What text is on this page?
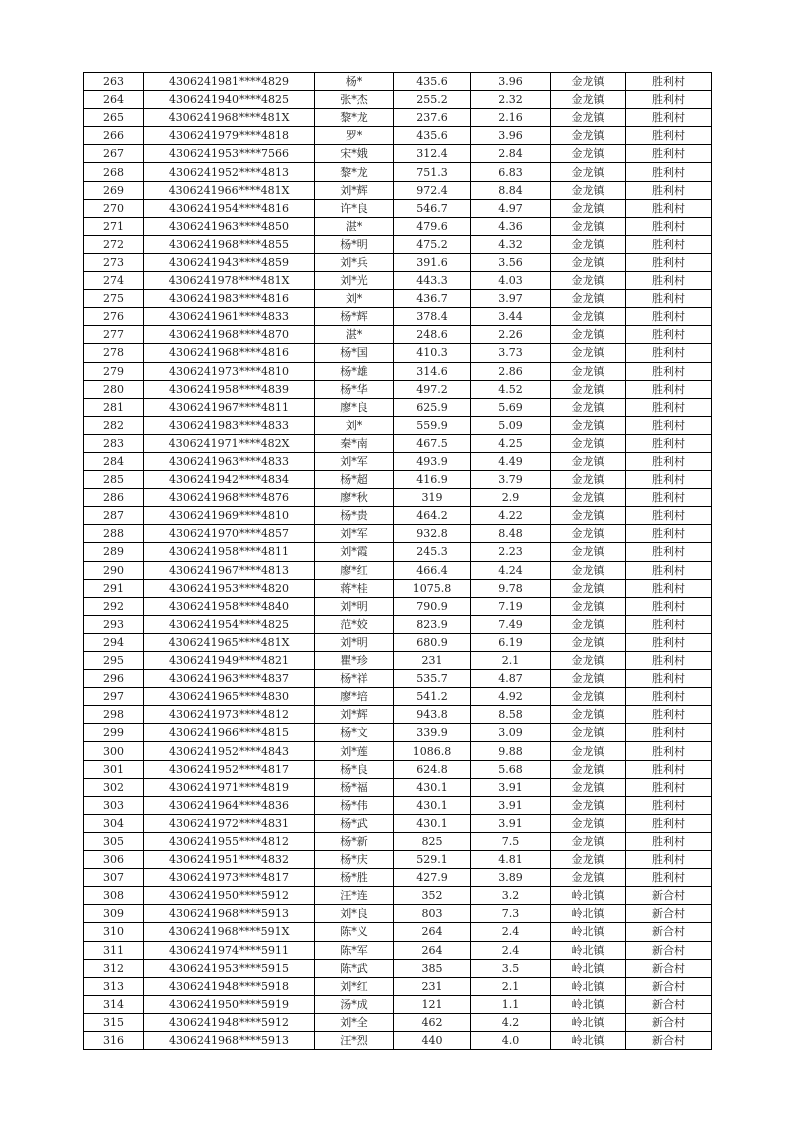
263	4306241981****4829	杨*	435.6	3.96	金龙镇	胜利村
264	4306241940****4825	张*杰	255.2	2.32	金龙镇	胜利村
265	4306241968****481X	黎*龙	237.6	2.16	金龙镇	胜利村
266	4306241979****4818	罗*	435.6	3.96	金龙镇	胜利村
267	4306241953****7566	宋*娥	312.4	2.84	金龙镇	胜利村
268	4306241952****4813	黎*龙	751.3	6.83	金龙镇	胜利村
269	4306241966****481X	刘*辉	972.4	8.84	金龙镇	胜利村
270	4306241954****4816	许*良	546.7	4.97	金龙镇	胜利村
271	4306241963****4850	湛*	479.6	4.36	金龙镇	胜利村
272	4306241968****4855	杨*明	475.2	4.32	金龙镇	胜利村
273	4306241943****4859	刘*兵	391.6	3.56	金龙镇	胜利村
274	4306241978****481X	刘*光	443.3	4.03	金龙镇	胜利村
275	4306241983****4816	刘*	436.7	3.97	金龙镇	胜利村
276	4306241961****4833	杨*辉	378.4	3.44	金龙镇	胜利村
277	4306241968****4870	湛*	248.6	2.26	金龙镇	胜利村
278	4306241968****4816	杨*国	410.3	3.73	金龙镇	胜利村
279	4306241973****4810	杨*雄	314.6	2.86	金龙镇	胜利村
280	4306241958****4839	杨*华	497.2	4.52	金龙镇	胜利村
281	4306241967****4811	廖*良	625.9	5.69	金龙镇	胜利村
282	4306241983****4833	刘*	559.9	5.09	金龙镇	胜利村
283	4306241971****482X	秦*南	467.5	4.25	金龙镇	胜利村
284	4306241963****4833	刘*军	493.9	4.49	金龙镇	胜利村
285	4306241942****4834	杨*超	416.9	3.79	金龙镇	胜利村
286	4306241968****4876	廖*秋	319	2.9	金龙镇	胜利村
287	4306241969****4810	杨*贵	464.2	4.22	金龙镇	胜利村
288	4306241970****4857	刘*军	932.8	8.48	金龙镇	胜利村
289	4306241958****4811	刘*霞	245.3	2.23	金龙镇	胜利村
290	4306241967****4813	廖*红	466.4	4.24	金龙镇	胜利村
291	4306241953****4820	蒋*桂	1075.8	9.78	金龙镇	胜利村
292	4306241958****4840	刘*明	790.9	7.19	金龙镇	胜利村
293	4306241954****4825	范*姣	823.9	7.49	金龙镇	胜利村
294	4306241965****481X	刘*明	680.9	6.19	金龙镇	胜利村
295	4306241949****4821	瞿*珍	231	2.1	金龙镇	胜利村
296	4306241963****4837	杨*祥	535.7	4.87	金龙镇	胜利村
297	4306241965****4830	廖*培	541.2	4.92	金龙镇	胜利村
298	4306241973****4812	刘*辉	943.8	8.58	金龙镇	胜利村
299	4306241966****4815	杨*文	339.9	3.09	金龙镇	胜利村
300	4306241952****4843	刘*莲	1086.8	9.88	金龙镇	胜利村
301	4306241952****4817	杨*良	624.8	5.68	金龙镇	胜利村
302	4306241971****4819	杨*福	430.1	3.91	金龙镇	胜利村
303	4306241964****4836	杨*伟	430.1	3.91	金龙镇	胜利村
304	4306241972****4831	杨*武	430.1	3.91	金龙镇	胜利村
305	4306241955****4812	杨*新	825	7.5	金龙镇	胜利村
306	4306241951****4832	杨*庆	529.1	4.81	金龙镇	胜利村
307	4306241973****4817	杨*胜	427.9	3.89	金龙镇	胜利村
308	4306241950****5912	汪*连	352	3.2	岭北镇	新合村
309	4306241968****5913	刘*良	803	7.3	岭北镇	新合村
310	4306241968****591X	陈*义	264	2.4	岭北镇	新合村
311	4306241974****5911	陈*军	264	2.4	岭北镇	新合村
312	4306241953****5915	陈*武	385	3.5	岭北镇	新合村
313	4306241948****5918	刘*红	231	2.1	岭北镇	新合村
314	4306241950****5919	汤*成	121	1.1	岭北镇	新合村
315	4306241948****5912	刘*全	462	4.2	岭北镇	新合村
316	4306241968****5913	汪*烈	440	4.0	岭北镇	新合村
